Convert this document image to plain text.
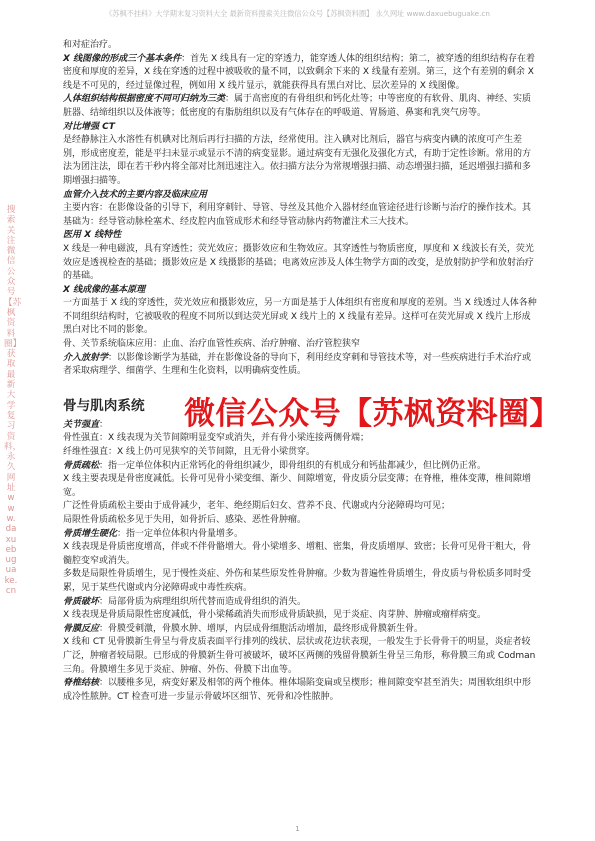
《苏枫不挂科》大学期末复习资料大全 最新资料搜索关注微信公众号【苏枫资料圈】 永久网址 www.daxuebuguake.cn
搜索关注微信公众号【苏枫资料圈】 获取最新大学复习资料，永久网址 www.daxuebuguake.cn

和对症治疗。

X 线图像的形成三个基本条件：首先 X 线具有一定的穿透力，能穿透人体的组织结构；第二，被穿透的组织结构存在着密度和厚度的差异，X 线在穿透的过程中被吸收的量不同，以致剩余下来的 X 线量有差别。第三，这个有差别的剩余 X 线是不可见的，经过显像过程，例如用 X 线片显示，就能获得具有黑白对比、层次差异的 X 线图像。

人体组织结构根据密度不同可归纳为三类：属于高密度的有骨组织和钙化灶等；中等密度的有软骨、肌肉、神经、实质脏器、结缔组织以及体液等；低密度的有脂肪组织以及有气体存在的呼吸道、胃肠道、鼻窦和乳突气房等。

对比增强 CT

是经静脉注入水溶性有机碘对比剂后再行扫描的方法，经常使用。注入碘对比剂后，器官与病变内碘的浓度可产生差别，形成密度差，能是平扫未显示或显示不清的病变显影。通过病变有无强化及强化方式，有助于定性诊断。常用的方法为团注法，即在若干秒内将全部对比剂迅速注入。依扫描方法分为常规增强扫描、动态增强扫描，延迟增强扫描和多期增强扫描等。

血管介入技术的主要内容及临床应用

主要内容：在影像设备的引导下，利用穿刺针、导管、导丝及其他介入器材经血管途径进行诊断与治疗的操作技术。其基础为：经导管动脉栓塞术、经皮腔内血管成形术和经导管动脉内药物灌注术三大技术。

医用 X 线特性

X 线是一种电磁波，具有穿透性；荧光效应；摄影效应和生物效应。其穿透性与物质密度，厚度和 X 线波长有关，荧光效应是透视检查的基础；摄影效应是 X 线摄影的基础；电离效应涉及人体生物学方面的改变，是放射防护学和放射治疗的基础。

X 线成像的基本原理

一方面基于 X 线的穿透性，荧光效应和摄影效应，另一方面是基于人体组织有密度和厚度的差别。当 X 线透过人体各种不同组织结构时，它被吸收的程度不同所以到达荧光屏或 X 线片上的 X 线量有差异。这样可在荧光屏或 X 线片上形成黑白对比不同的影象。

骨、关节系统临床应用：止血、治疗血管性疾病、治疗肿瘤、治疗管腔狭窄

介入放射学：以影像诊断学为基础，并在影像设备的导向下，利用经皮穿刺和导管技术等，对一些疾病进行手术治疗或者采取病理学、细菌学、生理和生化资料，以明确病变性质。

骨与肌肉系统

关节强直：

骨性强直：X 线表现为关节间隙明显变窄或消失，并有骨小梁连接两侧骨端；

纤维性强直：X 线上仍可见狭窄的关节间隙，且无骨小梁贯穿。

骨质疏松：指一定单位体积内正常钙化的骨组织减少，即骨组织的有机成分和钙盐都减少，但比例仍正常。

X 线主要表现是骨密度减低。长骨可见骨小梁变细、渐少、间隙增宽，骨皮质分层变薄；在脊椎，椎体变薄，椎间隙增宽。

广泛性骨质疏松主要由于成骨减少，老年、绝经期后妇女、营养不良、代谢或内分泌障碍均可见；

局限性骨质疏松多见于失用，如骨折后、感染、恶性骨肿瘤。

骨质增生硬化：指一定单位体积内骨量增多。

X 线表现是骨质密度增高，伴或不伴骨骼增大。骨小梁增多、增粗、密集，骨皮质增厚、致密；长骨可见骨干粗大，骨髓腔变窄或消失。

多数是局限性骨质增生，见于慢性炎症、外伤和某些原发性骨肿瘤。少数为普遍性骨质增生，骨皮质与骨松质多同时受累，见于某些代谢或内分泌障碍或中毒性疾病。

骨质破坏：局部骨质为病理组织所代替而造成骨组织的消失。

X 线表现是骨质局限性密度减低，骨小梁稀疏消失而形成骨质缺损，见于炎症、肉芽肿、肿瘤或瘤样病变。

骨膜反应：骨膜受刺激，骨膜水肿、增厚，内层成骨细胞活动增加，最终形成骨膜新生骨。

X 线和 CT 见骨膜新生骨呈与骨皮质表面平行排列的线状、层状或花边状表现，一般发生于长骨骨干的明显，炎症者较广泛，肿瘤者较局限。已形成的骨膜新生骨可被破坏，破坏区两侧的残留骨膜新生骨呈三角形，称骨膜三角或 Codman 三角。骨膜增生多见于炎症、肿瘤、外伤、骨膜下出血等。

脊椎结核：以腰椎多见，病变好累及相邻的两个椎体。椎体塌陷变扁或呈楔形；椎间隙变窄甚至消失；周围软组织中形成冷性脓肿。CT 检查可进一步显示骨破坏区细节、死骨和冷性脓肿。

微信公众号【苏枫资料圈】
1
